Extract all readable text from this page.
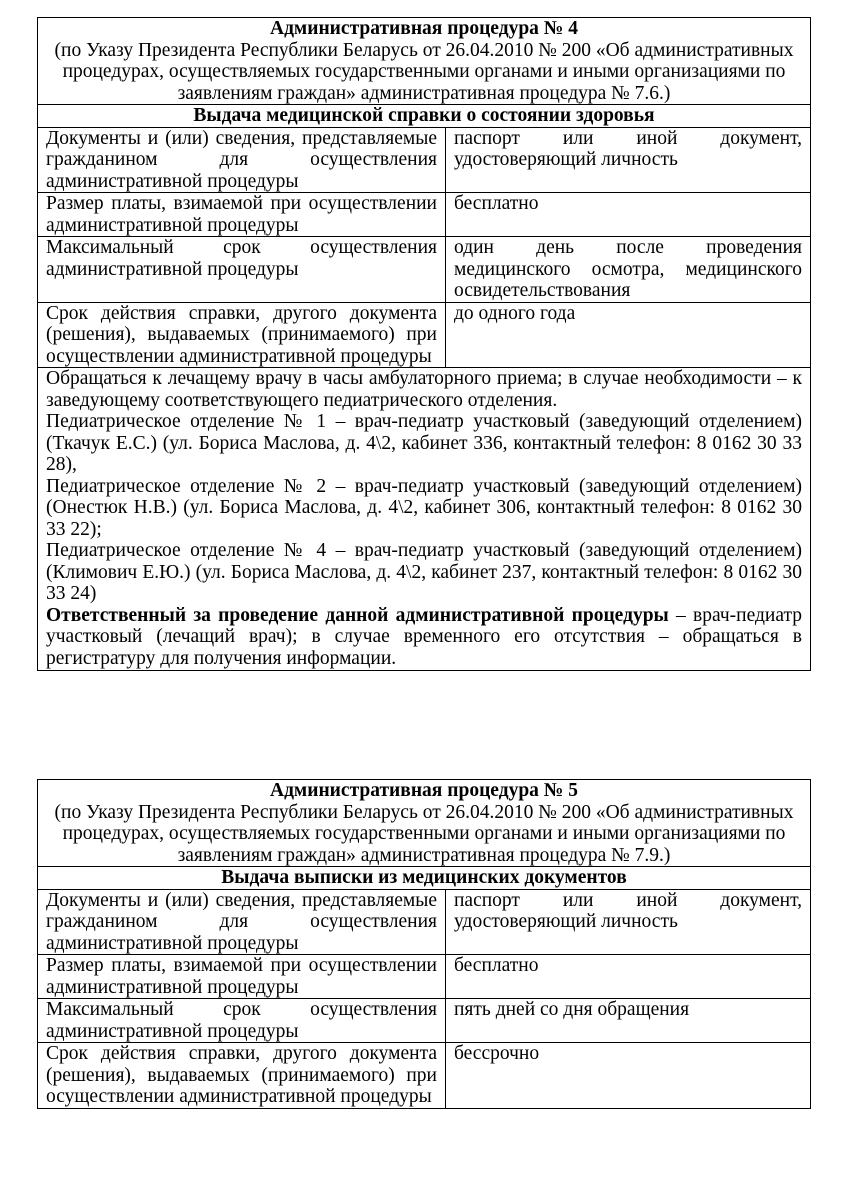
Административная процедура № 4
(по Указу Президента Республики Беларусь от 26.04.2010 № 200 «Об административных процедурах, осуществляемых государственными органами и иными организациями по заявлениям граждан» административная процедура № 7.6.)	
Выдача медицинской справки о состоянии здоровья	
Документы и (или) сведения, представляемые гражданином для осуществления административной процедуры	паспорт или иной документ, удостоверяющий личность
Размер платы, взимаемой при осуществлении административной процедуры	бесплатно
Максимальный срок осуществления административной процедуры	один день после проведения медицинского осмотра, медицинского освидетельствования
Срок действия справки, другого документа (решения), выдаваемых (принимаемого) при осуществлении административной процедуры	до одного года

Обращаться к лечащему врачу в часы амбулаторного приема; в случае необходимости – к заведующему соответствующего педиатрического отделения.

Педиатрическое отделение № 1 – врач-педиатр участковый (заведующий отделением) (Ткачук Е.С.) (ул. Бориса Маслова, д. 4\2, кабинет 336, контактный телефон: 8 0162 30 33 28),

Педиатрическое отделение № 2 – врач-педиатр участковый (заведующий отделением) (Онестюк Н.В.) (ул. Бориса Маслова, д. 4\2, кабинет 306, контактный телефон: 8 0162 30 33 22);

Педиатрическое отделение № 4 – врач-педиатр участковый (заведующий отделением) (Климович Е.Ю.) (ул. Бориса Маслова, д. 4\2, кабинет 237, контактный телефон: 8 0162 30 33 24)

Ответственный за проведение данной административной процедуры – врач-педиатр участковый (лечащий врач); в случае временного его отсутствия – обращаться в регистратуру для получения информации.	

Административная процедура № 5
(по Указу Президента Республики Беларусь от 26.04.2010 № 200 «Об административных процедурах, осуществляемых государственными органами и иными организациями по заявлениям граждан» административная процедура № 7.9.)	
Выдача выписки из медицинских документов	
Документы и (или) сведения, представляемые гражданином для осуществления административной процедуры	паспорт или иной документ, удостоверяющий личность
Размер платы, взимаемой при осуществлении административной процедуры	бесплатно
Максимальный срок осуществления административной процедуры	пять дней со дня обращения
Срок действия справки, другого документа (решения), выдаваемых (принимаемого) при осуществлении административной процедуры	бессрочно
